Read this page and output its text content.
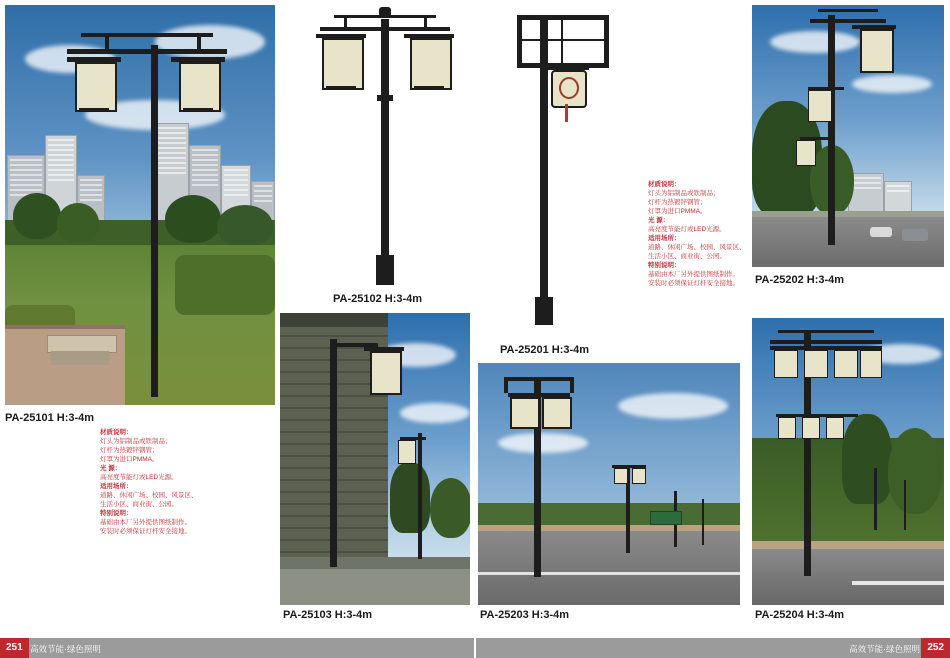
PA-25101 H:3-4m
材质说明：
灯头为铝制品或铁制品；
灯杆为热镀锌钢管；
灯罩为进口PMMA。
光 源：
高亮度节能灯或LED光源。
适用场所：
道路、休闲广场、校园、风景区、
生活小区、商业街、公园。
特别说明：
基础由本厂另外提供图纸制作。
安装时必须保证灯杆安全接地。
PA-25102 H:3-4m
PA-25103 H:3-4m
PA-25201 H:3-4m
材质说明：
灯头为铝制品或铁制品；
灯杆为热镀锌钢管；
灯罩为进口PMMA。
光 源：
高亮度节能灯或LED光源。
适用场所：
道路、休闲广场、校园、风景区、
生活小区、商业街、公园。
特别说明：
基础由本厂另外提供图纸制作。
安装时必须保证灯杆安全接地。
PA-25203 H:3-4m
PA-25202 H:3-4m
PA-25204 H:3-4m
251 高效节能·绿色照明	252
高效节能·绿色照明
